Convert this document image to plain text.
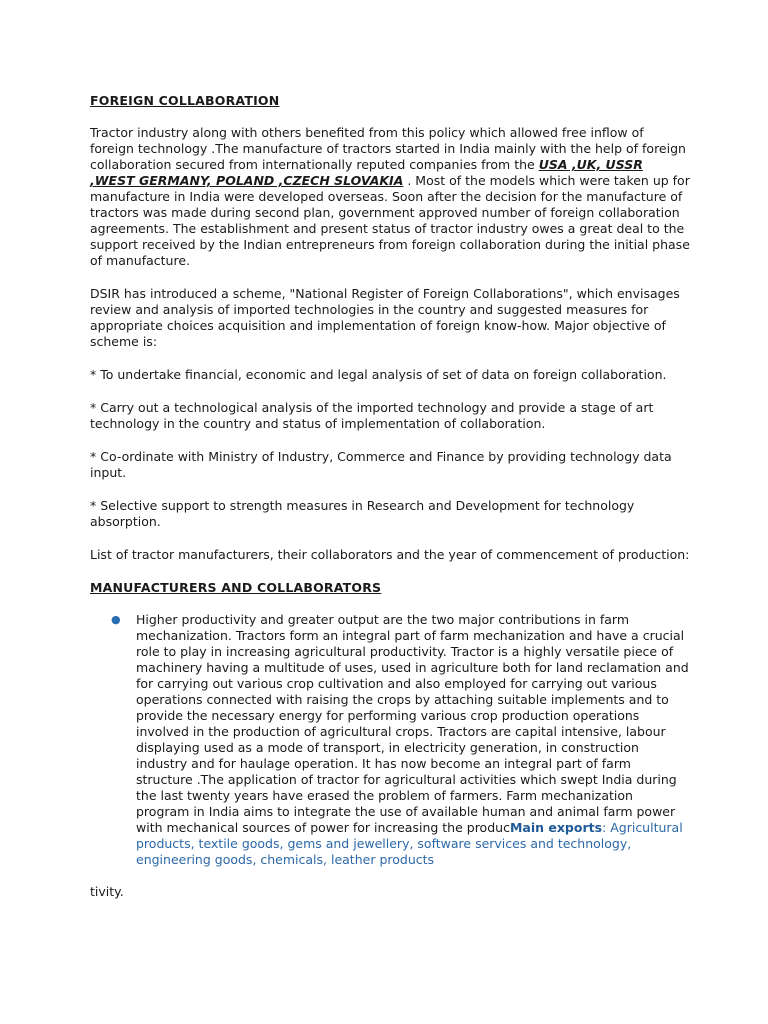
FOREIGN COLLABORATION

Tractor industry along with others benefited from this policy which allowed free inflow of foreign technology .The manufacture of tractors started in India mainly with the help of foreign collaboration secured from internationally reputed companies from the USA ,UK, USSR ,WEST GERMANY, POLAND ,CZECH SLOVAKIA . Most of the models which were taken up for manufacture in India were developed overseas. Soon after the decision for the manufacture of tractors was made during second plan, government approved number of foreign collaboration agreements. The establishment and present status of tractor industry owes a great deal to the support received by the Indian entrepreneurs from foreign collaboration during the initial phase of manufacture.

DSIR has introduced a scheme, "National Register of Foreign Collaborations", which envisages review and analysis of imported technologies in the country and suggested measures for appropriate choices acquisition and implementation of foreign know-how. Major objective of scheme is:

* To undertake financial, economic and legal analysis of set of data on foreign collaboration.

* Carry out a technological analysis of the imported technology and provide a stage of art technology in the country and status of implementation of collaboration.

* Co-ordinate with Ministry of Industry, Commerce and Finance by providing technology data input.

* Selective support to strength measures in Research and Development for technology absorption.

List of tractor manufacturers, their collaborators and the year of commencement of production:

MANUFACTURERS AND COLLABORATORS

● Higher productivity and greater output are the two major contributions in farm mechanization. Tractors form an integral part of farm mechanization and have a crucial role to play in increasing agricultural productivity. Tractor is a highly versatile piece of machinery having a multitude of uses, used in agriculture both for land reclamation and for carrying out various crop cultivation and also employed for carrying out various operations connected with raising the crops by attaching suitable implements and to provide the necessary energy for performing various crop production operations involved in the production of agricultural crops. Tractors are capital intensive, labour displaying used as a mode of transport, in electricity generation, in construction industry and for haulage operation. It has now become an integral part of farm structure .The application of tractor for agricultural activities which swept India during the last twenty years have erased the problem of farmers. Farm mechanization program in India aims to integrate the use of available human and animal farm power with mechanical sources of power for increasing the producMain exports: Agricultural products, textile goods, gems and jewellery, software services and technology, engineering goods, chemicals, leather products

tivity.
